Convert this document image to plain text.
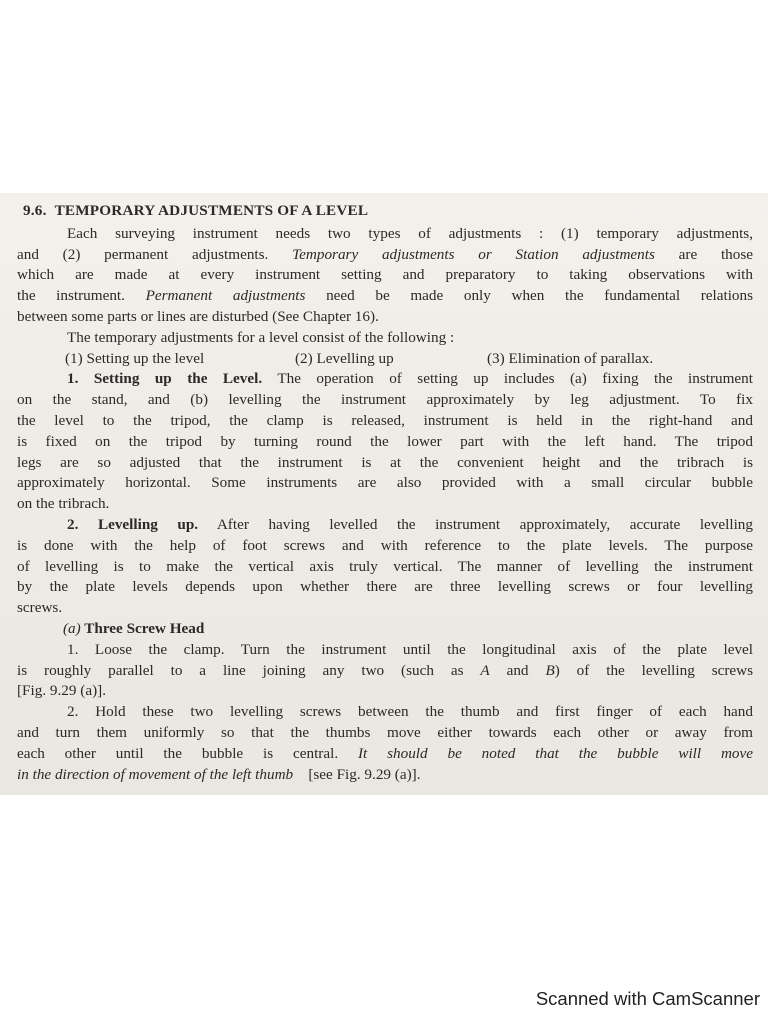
9.6. TEMPORARY ADJUSTMENTS OF A LEVEL
Each surveying instrument needs two types of adjustments : (1) temporary adjustments,
and (2) permanent adjustments. Temporary adjustments or Station adjustments are those
which are made at every instrument setting and preparatory to taking observations with
the instrument. Permanent adjustments need be made only when the fundamental relations
between some parts or lines are disturbed (See Chapter 16).
The temporary adjustments for a level consist of the following :
(1) Setting up the level	(2) Levelling up	(3) Elimination of parallax.
1. Setting up the Level. The operation of setting up includes (a) fixing the instrument
on the stand, and (b) levelling the instrument approximately by leg adjustment. To fix
the level to the tripod, the clamp is released, instrument is held in the right-hand and
is fixed on the tripod by turning round the lower part with the left hand. The tripod
legs are so adjusted that the instrument is at the convenient height and the tribrach is
approximately horizontal. Some instruments are also provided with a small circular bubble
on the tribrach.
2. Levelling up. After having levelled the instrument approximately, accurate levelling
is done with the help of foot screws and with reference to the plate levels. The purpose
of levelling is to make the vertical axis truly vertical. The manner of levelling the instrument
by the plate levels depends upon whether there are three levelling screws or four levelling
screws.
(a) Three Screw Head
1. Loose the clamp. Turn the instrument until the longitudinal axis of the plate level
is roughly parallel to a line joining any two (such as A and B) of the levelling screws
[Fig. 9.29 (a)].
2. Hold these two levelling screws between the thumb and first finger of each hand
and turn them uniformly so that the thumbs move either towards each other or away from
each other until the bubble is central. It should be noted that the bubble will move
in the direction of movement of the left thumb [see Fig. 9.29 (a)].
Scanned with CamScanner
